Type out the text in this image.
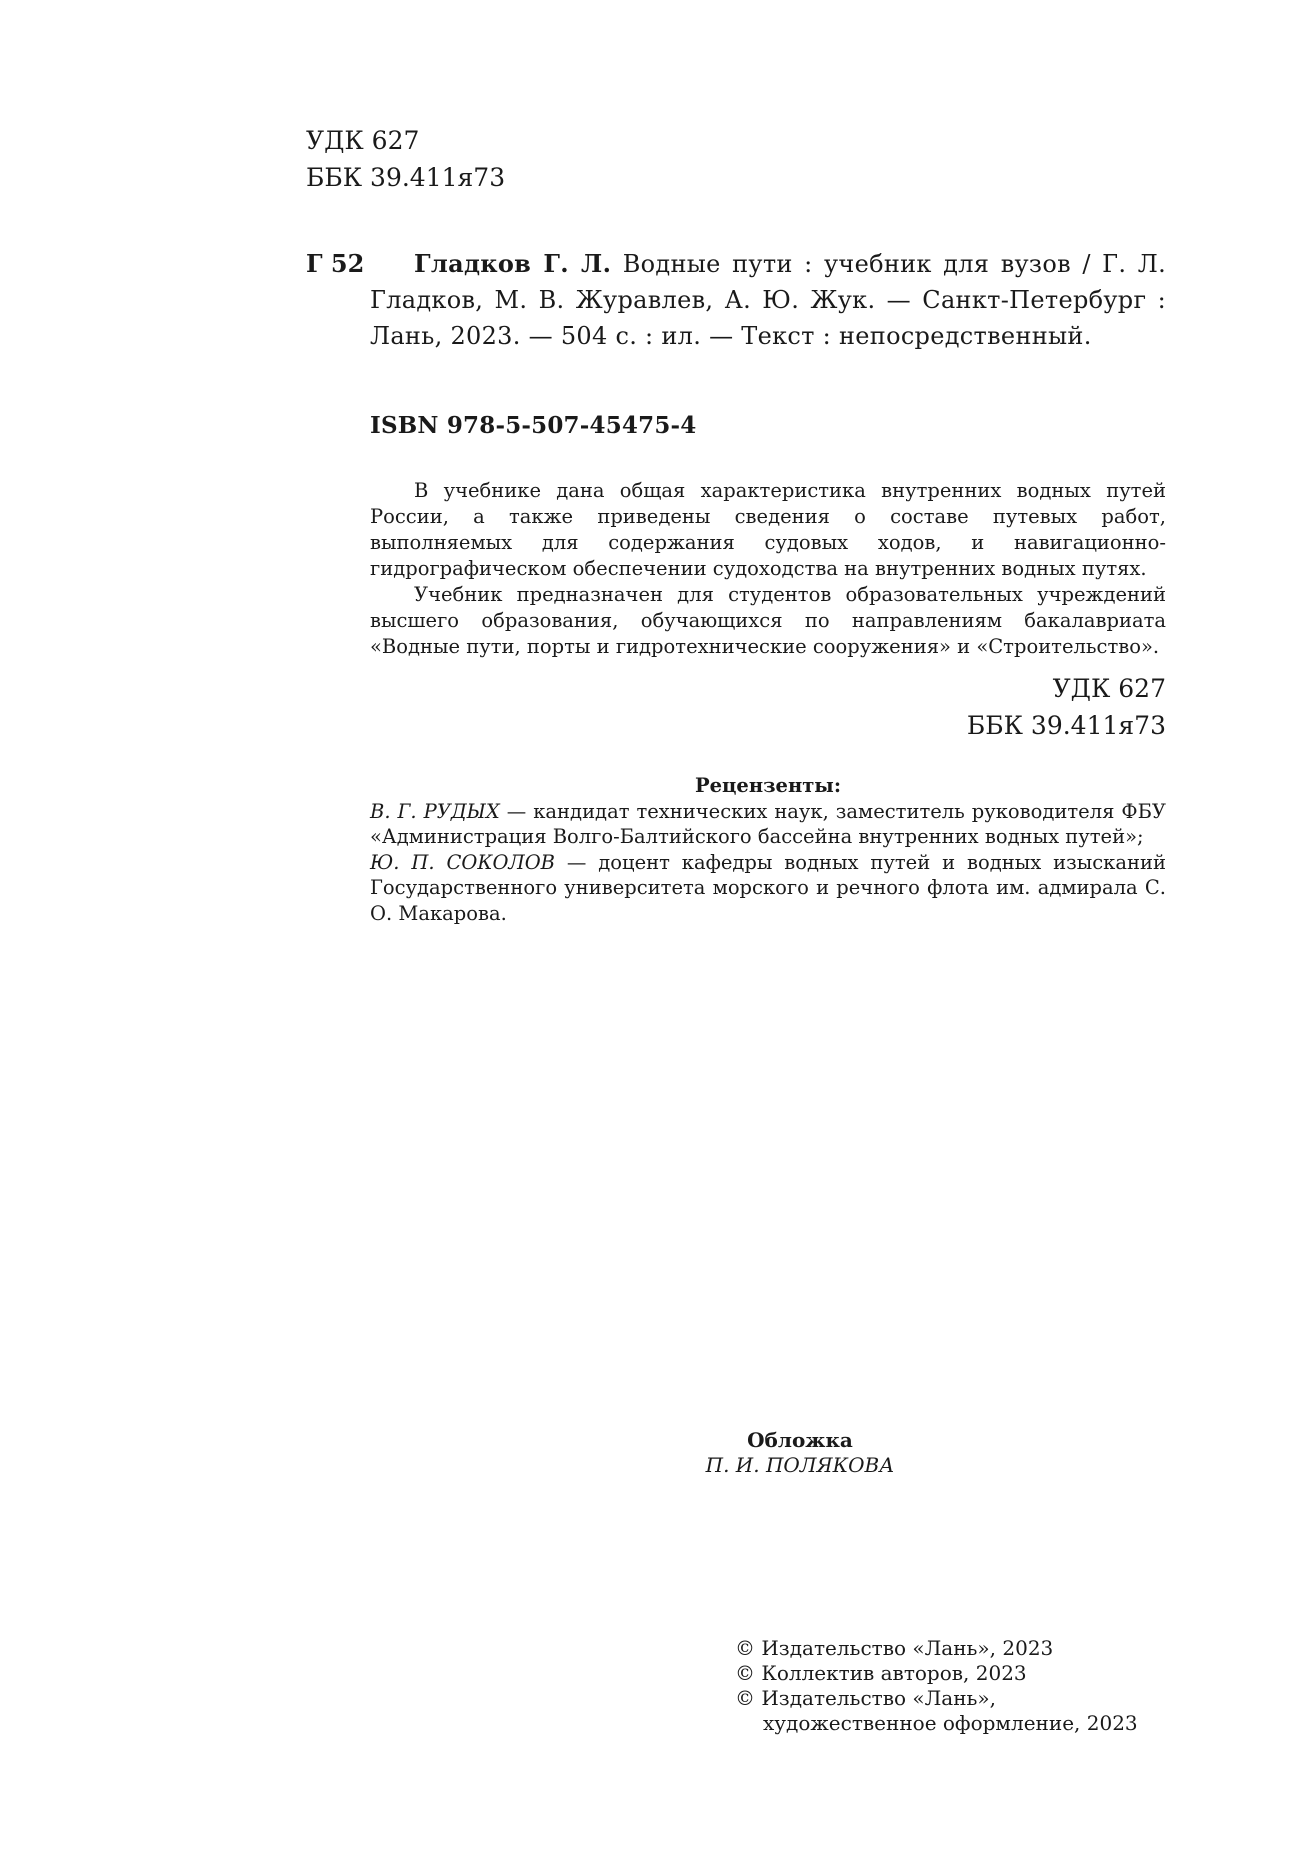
УДК 627
ББК 39.411я73
Г 52	Гладков Г. Л. Водные пути : учебник для вузов / Г. Л. Гладков, М. В. Журавлев, А. Ю. Жук. — Санкт-Петербург : Лань, 2023. — 504 с. : ил. — Текст : непосредственный.
ISBN 978-5-507-45475-4

В учебнике дана общая характеристика внутренних водных путей России, а также приведены сведения о составе путевых работ, выполняемых для содержания судовых ходов, и навигационно-гидрографическом обеспечении судоходства на внутренних водных путях.

Учебник предназначен для студентов образовательных учреждений высшего образования, обучающихся по направлениям бакалавриата «Водные пути, порты и гидротехнические сооружения» и «Строительство».

УДК 627
ББК 39.411я73
Рецензенты:

В. Г. РУДЫХ — кандидат технических наук, заместитель руководителя ФБУ «Администрация Волго-Балтийского бассейна внутренних водных путей»;

Ю. П. СОКОЛОВ — доцент кафедры водных путей и водных изысканий Государственного университета морского и речного флота им. адмирала С. О. Макарова.

Обложка
П. И. ПОЛЯКОВА
© Издательство «Лань», 2023
© Коллектив авторов, 2023
© Издательство «Лань»,
художественное оформление, 2023
